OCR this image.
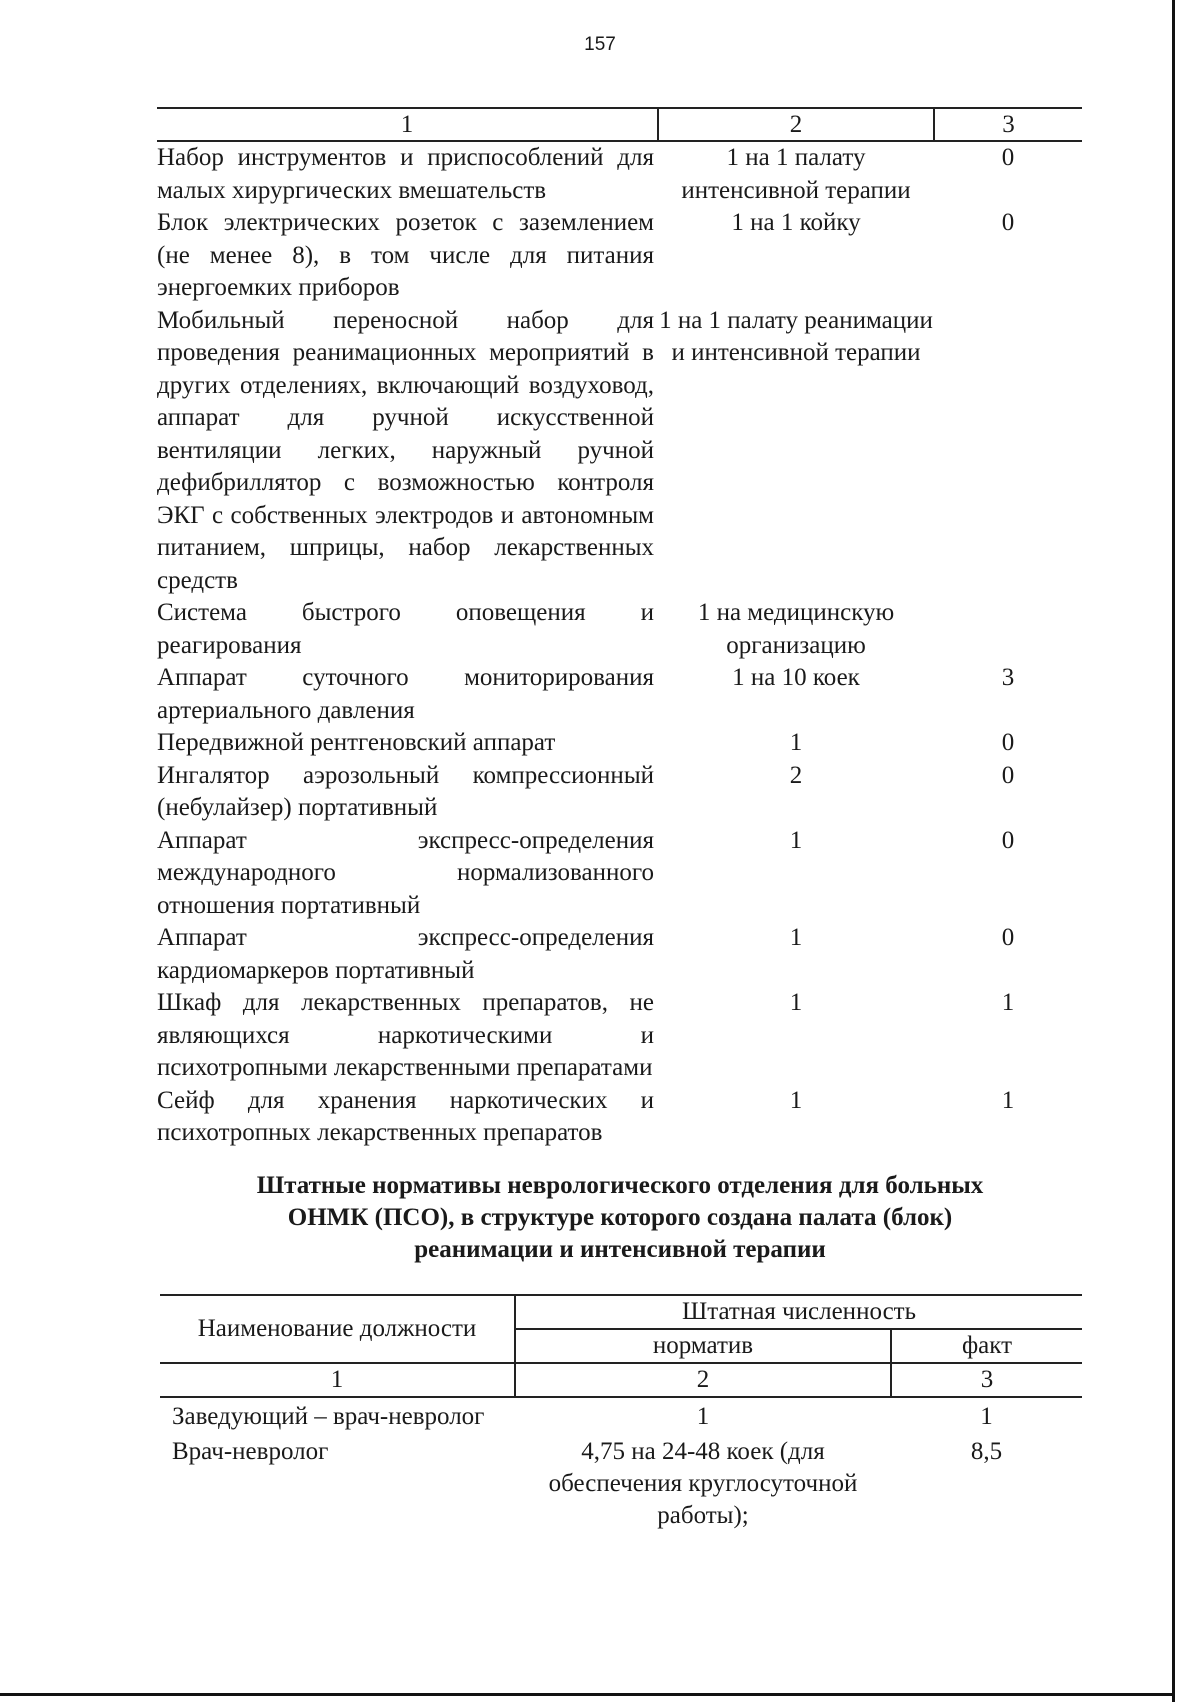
157
1	2	3
Набор инструментов и приспособлений для малых хирургических вмешательств	1 на 1 палату интенсивной терапии	0
Блок электрических розеток с заземлением (не менее 8), в том числе для питания энергоемких приборов	1 на 1 койку	0
Мобильный переносной набор для проведения реанимационных мероприятий в других отделениях, включающий воздуховод, аппарат для ручной искусственной вентиляции легких, наружный ручной дефибриллятор с возможностью контроля ЭКГ с собственных электродов и автономным питанием, шприцы, набор лекарственных средств	1 на 1 палату реанимации и интенсивной терапии	
Система быстрого оповещения и реагирования	1 на медицинскую организацию	
Аппарат суточного мониторирования артериального давления	1 на 10 коек	3
Передвижной рентгеновский аппарат	1	0
Ингалятор аэрозольный компрессионный (небулайзер) портативный	2	0
Аппарат экспресс-определения международного нормализованного отношения портативный	1	0
Аппарат экспресс-определения кардиомаркеров портативный	1	0
Шкаф для лекарственных препаратов, не являющихся наркотическими и психотропными лекарственными препаратами	1	1
Сейф для хранения наркотических и психотропных лекарственных препаратов	1	1
Штатные нормативы неврологического отделения для больных
ОНМК (ПСО), в структуре которого создана палата (блок)
реанимации и интенсивной терапии
Наименование должности	Штатная численность	
	норматив	факт
1	2	3
Заведующий – врач-невролог	1	1
Врач-невролог	4,75 на 24-48 коек (для обеспечения круглосуточной работы);	8,5
